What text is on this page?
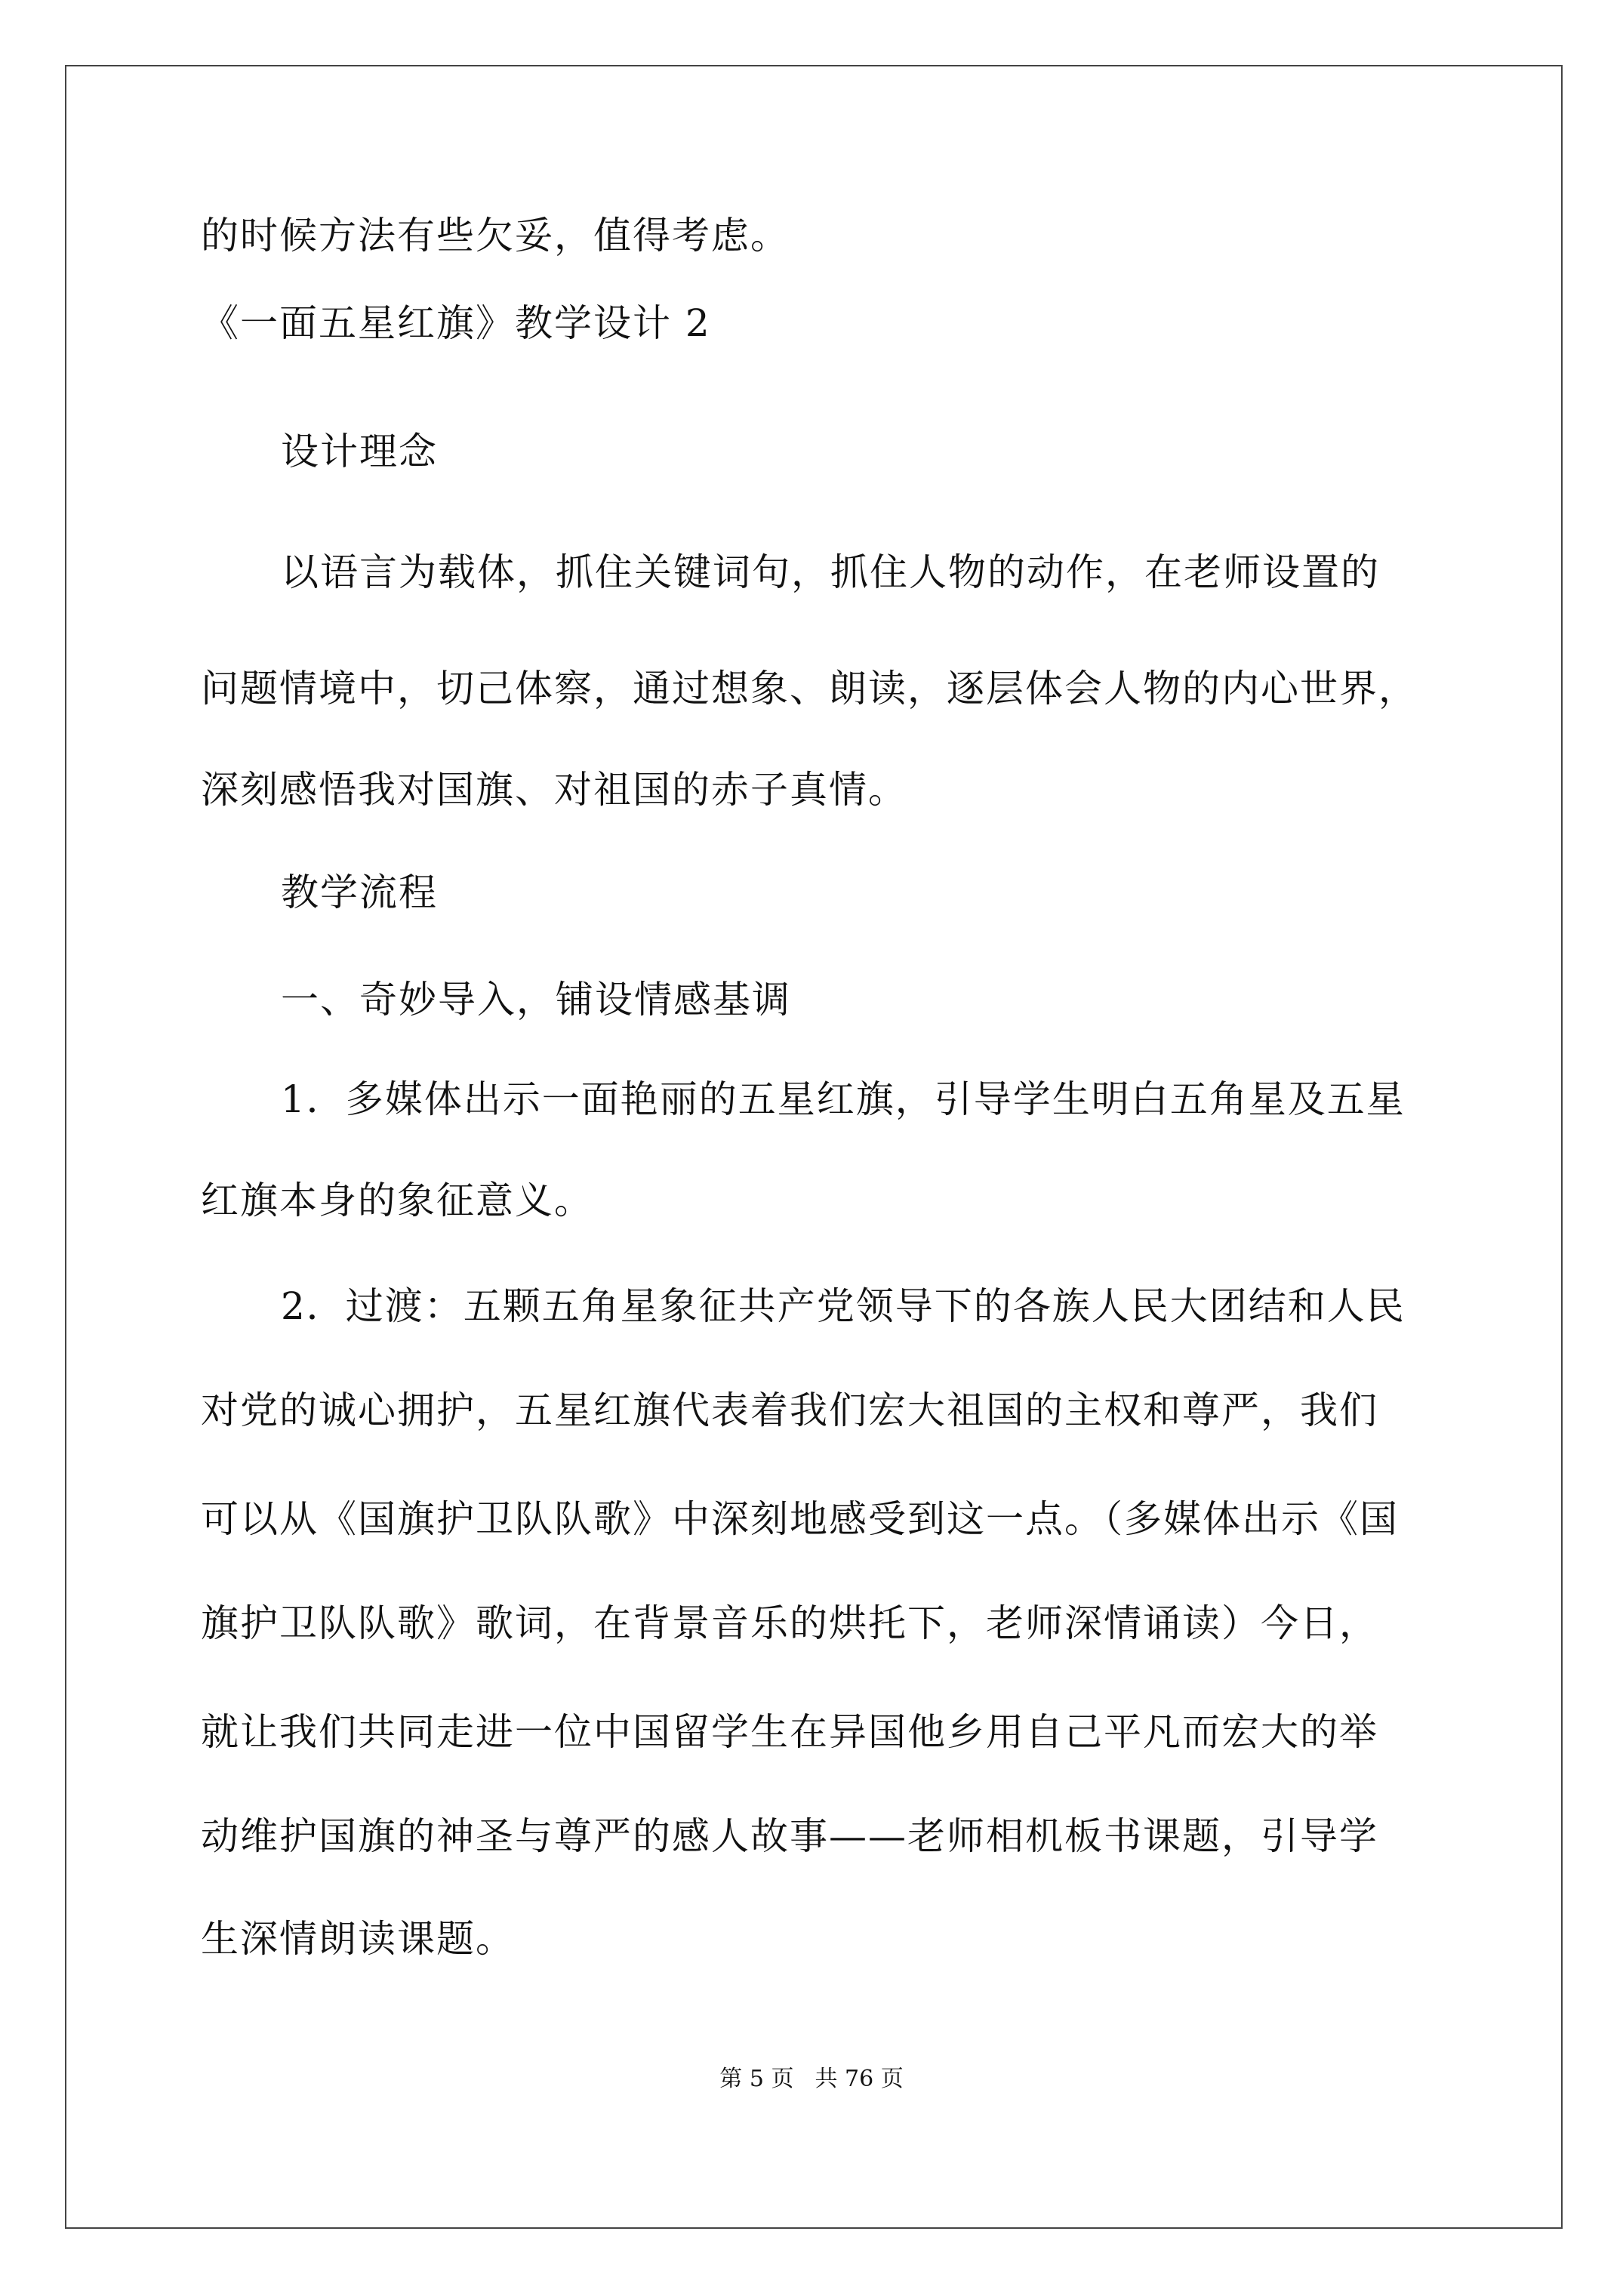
的时候方法有些欠妥，值得考虑。
《一面五星红旗》教学设计 2
设计理念
以语言为载体，抓住关键词句，抓住人物的动作，在老师设置的
问题情境中，切己体察，通过想象、朗读，逐层体会人物的内心世界，
深刻感悟我对国旗、对祖国的赤子真情。
教学流程
一、奇妙导入，铺设情感基调
1．多媒体出示一面艳丽的五星红旗，引导学生明白五角星及五星
红旗本身的象征意义。
2．过渡：五颗五角星象征共产党领导下的各族人民大团结和人民
对党的诚心拥护，五星红旗代表着我们宏大祖国的主权和尊严，我们
可以从《国旗护卫队队歌》中深刻地感受到这一点。（多媒体出示《国
旗护卫队队歌》歌词，在背景音乐的烘托下，老师深情诵读）今日，
就让我们共同走进一位中国留学生在异国他乡用自己平凡而宏大的举
动维护国旗的神圣与尊严的感人故事——老师相机板书课题，引导学
生深情朗读课题。
第 5 页 共 76 页
